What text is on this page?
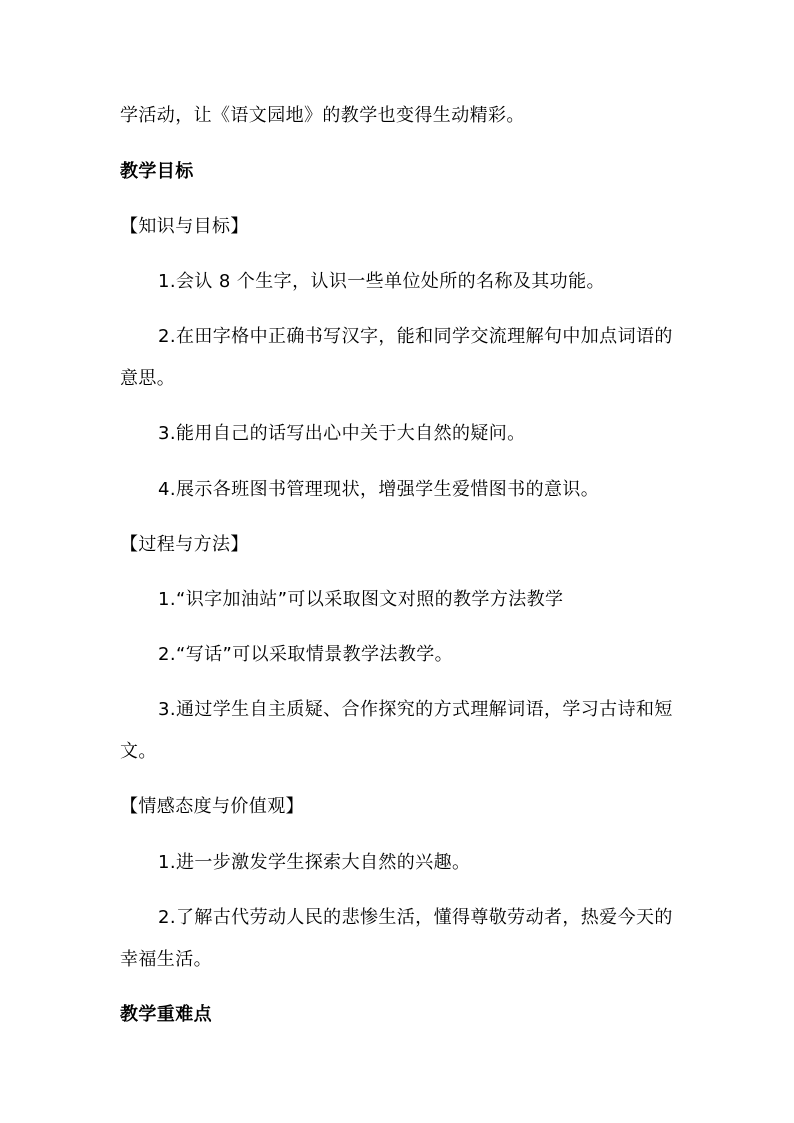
学活动，让《语文园地》的教学也变得生动精彩。
教学目标
【知识与目标】
1.会认 8 个生字，认识一些单位处所的名称及其功能。
2.在田字格中正确书写汉字，能和同学交流理解句中加点词语的
意思。
3.能用自己的话写出心中关于大自然的疑问。
4.展示各班图书管理现状，增强学生爱惜图书的意识。
【过程与方法】
1.“识字加油站”可以采取图文对照的教学方法教学
2.“写话”可以采取情景教学法教学。
3.通过学生自主质疑、合作探究的方式理解词语，学习古诗和短
文。
【情感态度与价值观】
1.进一步激发学生探索大自然的兴趣。
2.了解古代劳动人民的悲惨生活，懂得尊敬劳动者，热爱今天的
幸福生活。
教学重难点
